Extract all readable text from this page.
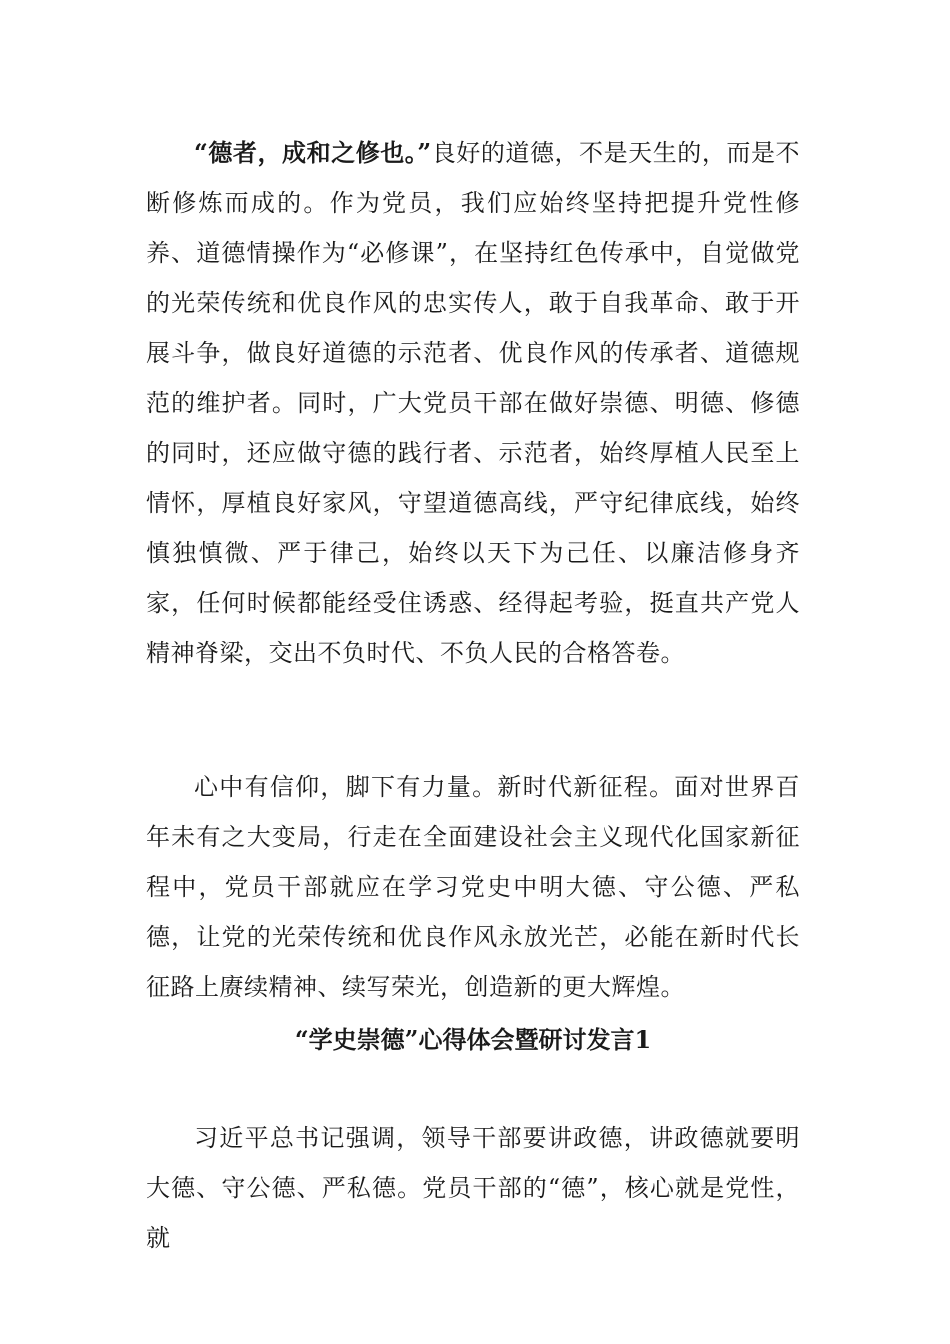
“德者，成和之修也。”良好的道德，不是天生的，而是不断修炼而成的。作为党员，我们应始终坚持把提升党性修养、道德情操作为“必修课”，在坚持红色传承中，自觉做党的光荣传统和优良作风的忠实传人，敢于自我革命、敢于开展斗争，做良好道德的示范者、优良作风的传承者、道德规范的维护者。同时，广大党员干部在做好崇德、明德、修德的同时，还应做守德的践行者、示范者，始终厚植人民至上情怀，厚植良好家风，守望道德高线，严守纪律底线，始终慎独慎微、严于律己，始终以天下为己任、以廉洁修身齐家，任何时候都能经受住诱惑、经得起考验，挺直共产党人精神脊梁，交出不负时代、不负人民的合格答卷。

心中有信仰，脚下有力量。新时代新征程。面对世界百年未有之大变局，行走在全面建设社会主义现代化国家新征程中，党员干部就应在学习党史中明大德、守公德、严私德，让党的光荣传统和优良作风永放光芒，必能在新时代长征路上赓续精神、续写荣光，创造新的更大辉煌。

“学史崇德”心得体会暨研讨发言1

习近平总书记强调，领导干部要讲政德，讲政德就要明大德、守公德、严私德。党员干部的“德”，核心就是党性，就
